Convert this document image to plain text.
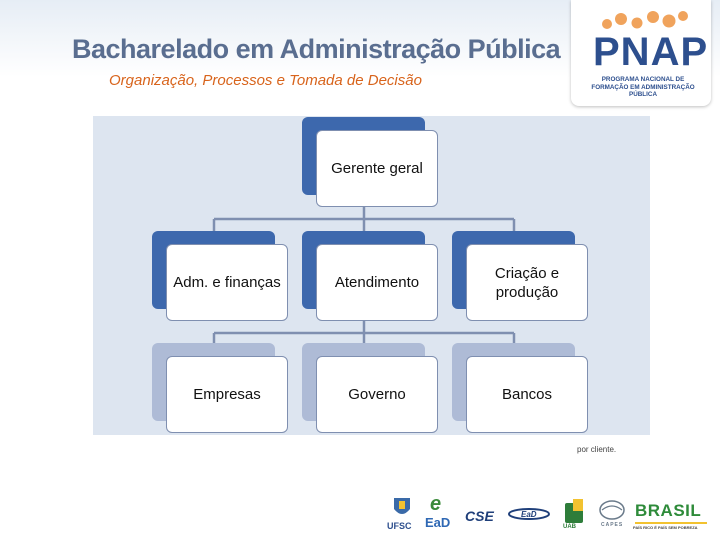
Bacharelado em Administração Pública
Organização, Processos e Tomada de Decisão
PNAP
PROGRAMA NACIONAL DE FORMAÇÃO EM ADMINISTRAÇÃO PÚBLICA
Gerente geral
Adm. e finanças	Atendimento
Criação e produção
Empresas	Governo	Bancos
por cliente.
UFSC
e
EaD CSE	EaD
UAB	CAPES
BRASIL
PAÍS RICO É PAÍS SEM POBREZA
